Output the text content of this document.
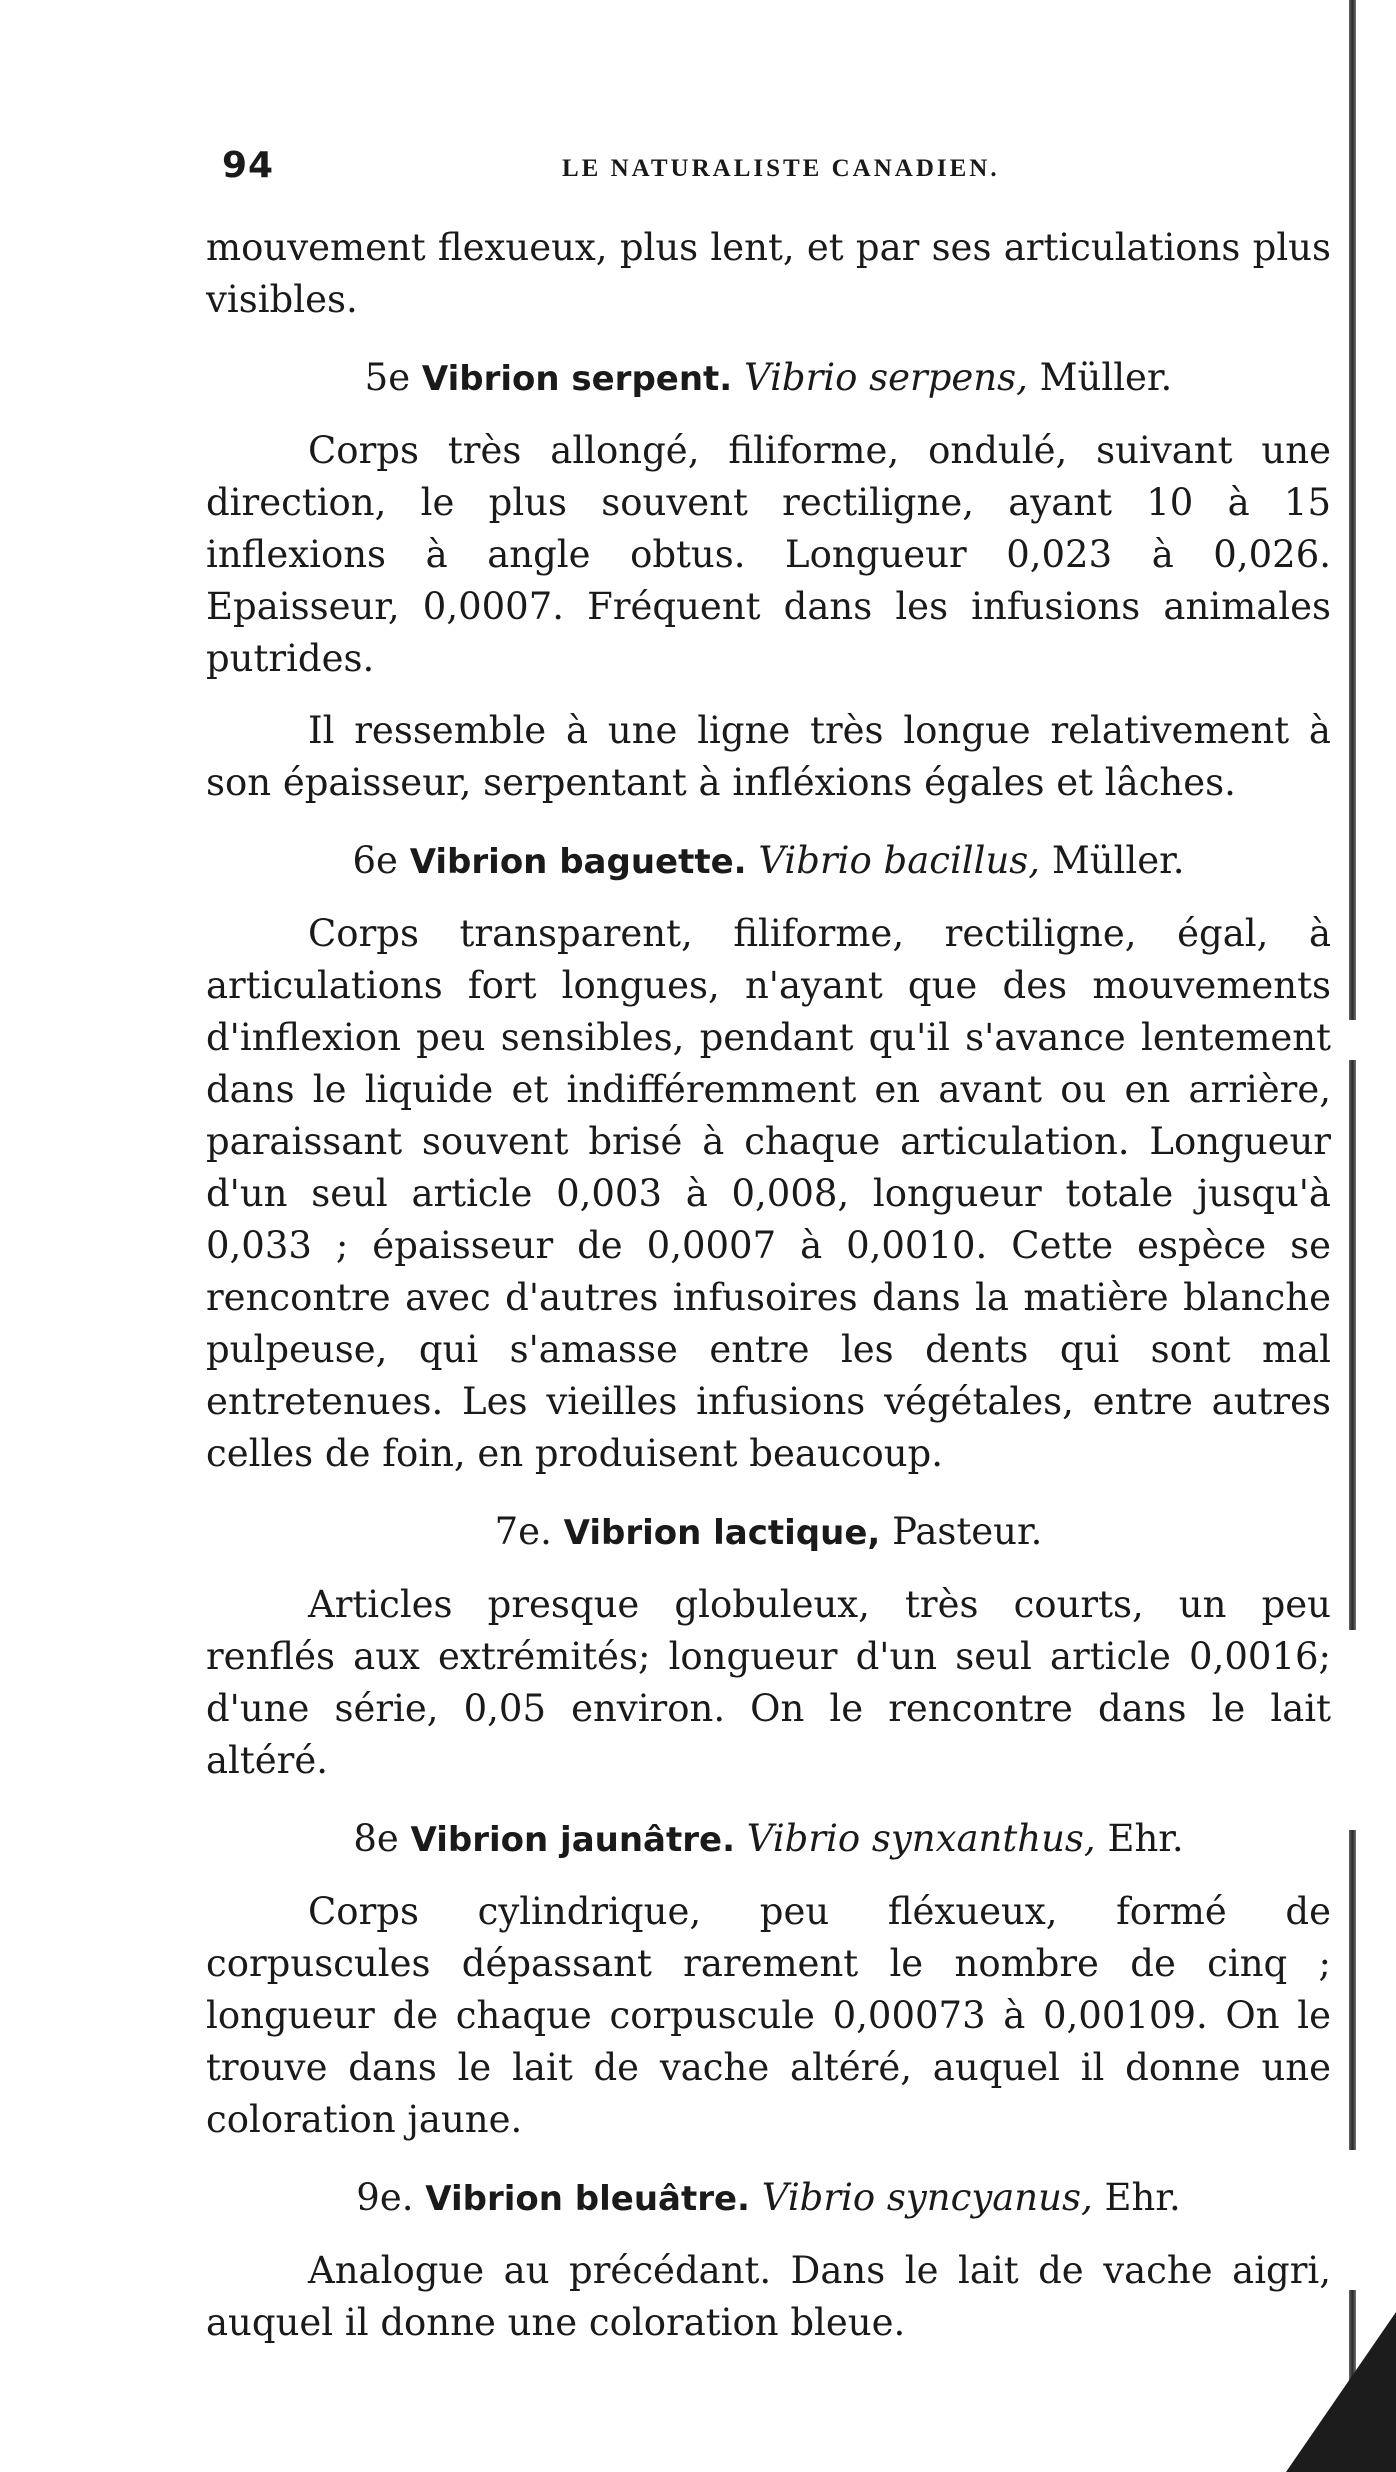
94	LE NATURALISTE CANADIEN.

mouvement flexueux, plus lent, et par ses articulations plus visibles.

5e Vibrion serpent. Vibrio serpens, Müller.

Corps très allongé, filiforme, ondulé, suivant une direction, le plus souvent rectiligne, ayant 10 à 15 inflexions à angle obtus. Longueur 0,023 à 0,026. Epaisseur, 0,0007. Fréquent dans les infusions animales putrides.

Il ressemble à une ligne très longue relativement à son épaisseur, serpentant à infléxions égales et lâches.

6e Vibrion baguette. Vibrio bacillus, Müller.

Corps transparent, filiforme, rectiligne, égal, à articulations fort longues, n'ayant que des mouvements d'inflexion peu sensibles, pendant qu'il s'avance lentement dans le liquide et indifféremment en avant ou en arrière, paraissant souvent brisé à chaque articulation. Longueur d'un seul article 0,003 à 0,008, longueur totale jusqu'à 0,033 ; épaisseur de 0,0007 à 0,0010. Cette espèce se rencontre avec d'autres infusoires dans la matière blanche pulpeuse, qui s'amasse entre les dents qui sont mal entretenues. Les vieilles infusions végétales, entre autres celles de foin, en produisent beaucoup.

7e. Vibrion lactique, Pasteur.

Articles presque globuleux, très courts, un peu renflés aux extrémités; longueur d'un seul article 0,0016; d'une série, 0,05 environ. On le rencontre dans le lait altéré.

8e Vibrion jaunâtre. Vibrio synxanthus, Ehr.

Corps cylindrique, peu fléxueux, formé de corpuscules dépassant rarement le nombre de cinq ; longueur de chaque corpuscule 0,00073 à 0,00109. On le trouve dans le lait de vache altéré, auquel il donne une coloration jaune.

9e. Vibrion bleuâtre. Vibrio syncyanus, Ehr.

Analogue au précédant. Dans le lait de vache aigri, auquel il donne une coloration bleue.
